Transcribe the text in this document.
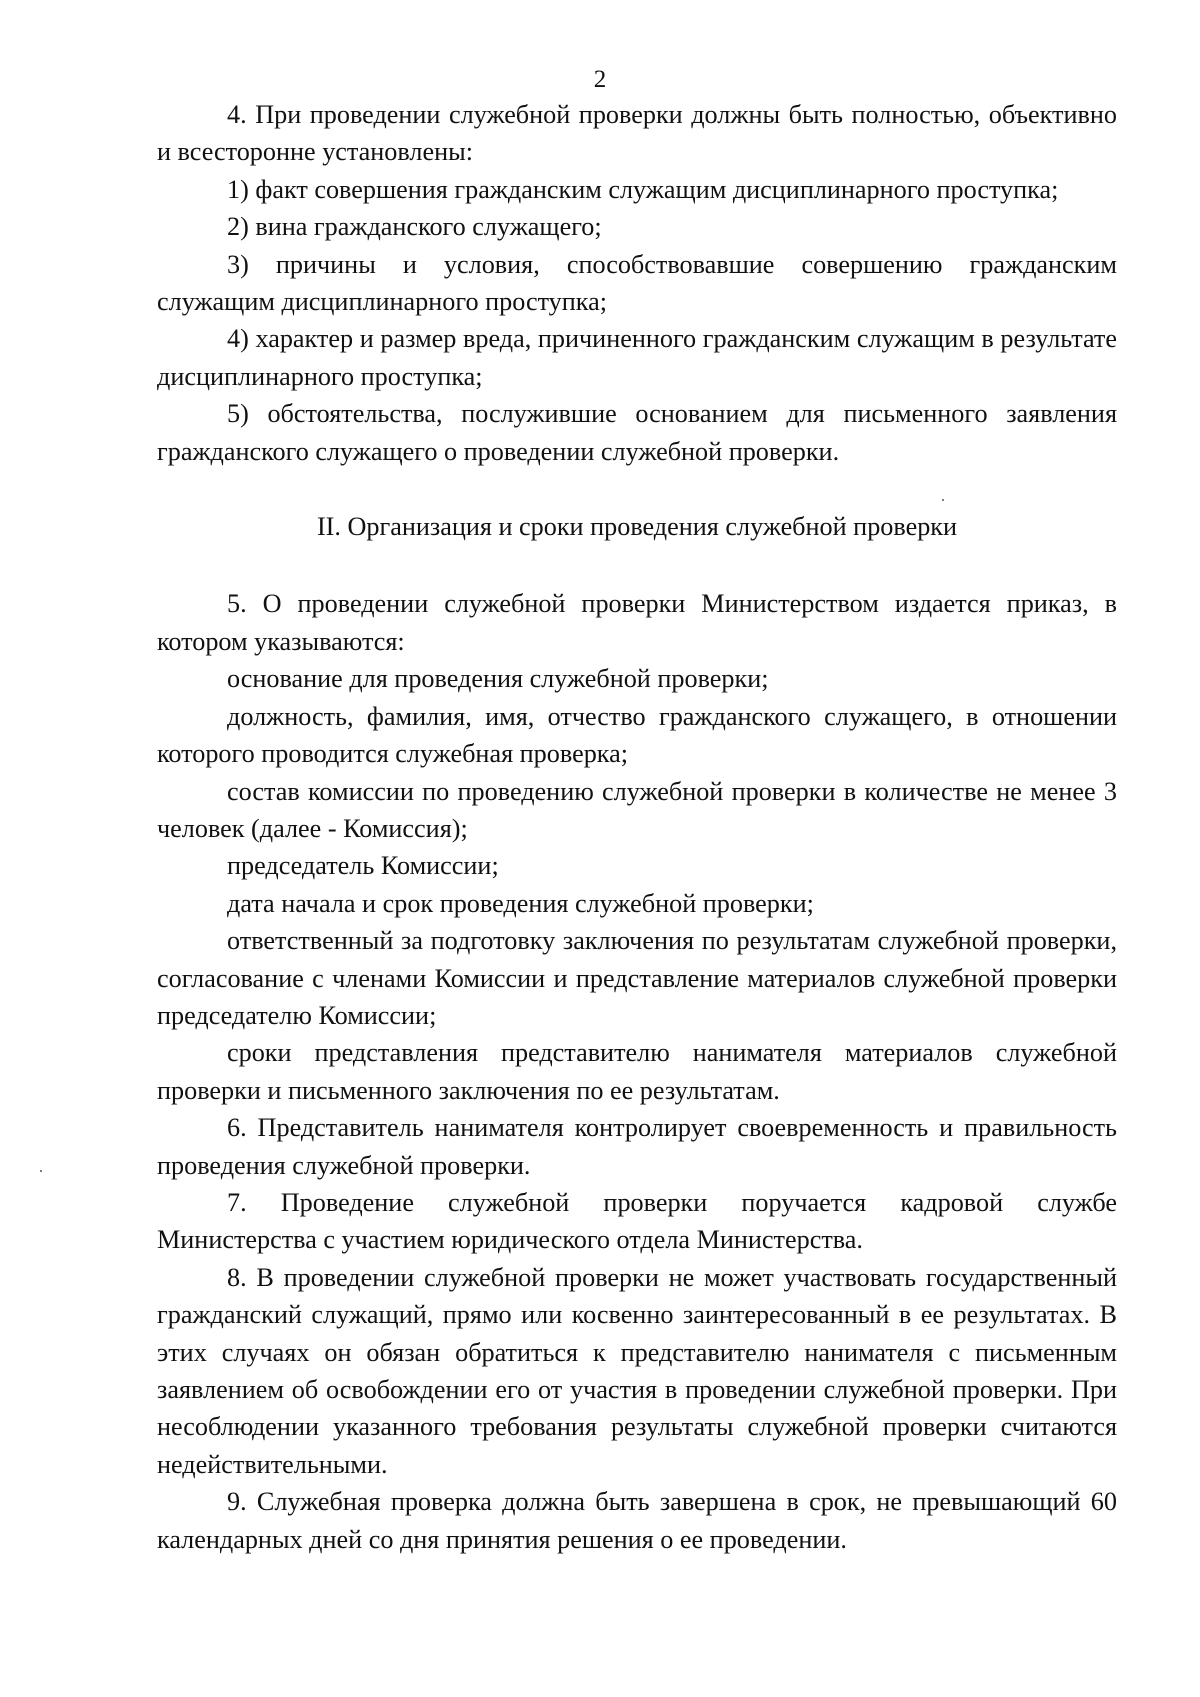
2

4. При проведении служебной проверки должны быть полностью, объективно и всесторонне установлены:

1) факт совершения гражданским служащим дисциплинарного проступка;

2) вина гражданского служащего;

3) причины и условия, способствовавшие совершению гражданским служащим дисциплинарного проступка;

4) характер и размер вреда, причиненного гражданским служащим в результате дисциплинарного проступка;

5) обстоятельства, послужившие основанием для письменного заявления гражданского служащего о проведении служебной проверки.

II. Организация и сроки проведения служебной проверки

5. О проведении служебной проверки Министерством издается приказ, в котором указываются:

основание для проведения служебной проверки;

должность, фамилия, имя, отчество гражданского служащего, в отношении которого проводится служебная проверка;

состав комиссии по проведению служебной проверки в количестве не менее 3 человек (далее - Комиссия);

председатель Комиссии;

дата начала и срок проведения служебной проверки;

ответственный за подготовку заключения по результатам служебной проверки, согласование с членами Комиссии и представление материалов служебной проверки председателю Комиссии;

сроки представления представителю нанимателя материалов служебной проверки и письменного заключения по ее результатам.

6. Представитель нанимателя контролирует своевременность и правильность проведения служебной проверки.

7. Проведение служебной проверки поручается кадровой службе Министерства с участием юридического отдела Министерства.

8. В проведении служебной проверки не может участвовать государственный гражданский служащий, прямо или косвенно заинтересованный в ее результатах. В этих случаях он обязан обратиться к представителю нанимателя с письменным заявлением об освобождении его от участия в проведении служебной проверки. При несоблюдении указанного требования результаты служебной проверки считаются недействительными.

9. Служебная проверка должна быть завершена в срок, не превышающий 60 календарных дней со дня принятия решения о ее проведении.
